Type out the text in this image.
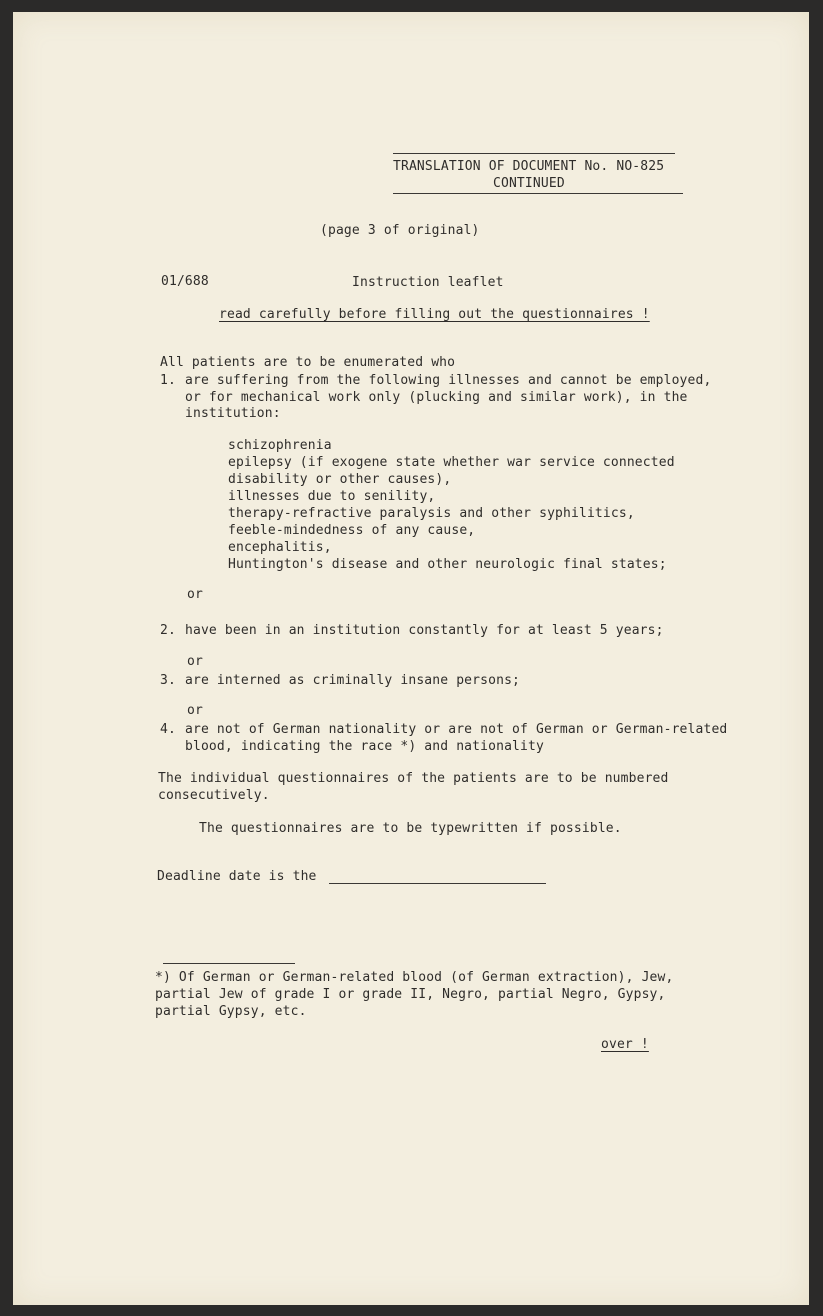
TRANSLATION OF DOCUMENT No. NO-825
CONTINUED
(page 3 of original)
01/688	Instruction leaflet
read carefully before filling out the questionnaires !
All patients are to be enumerated who
1. are suffering from the following illnesses and cannot be employed,
or for mechanical work only (plucking and similar work), in the
institution:
schizophrenia
epilepsy (if exogene state whether war service connected
disability or other causes),
illnesses due to senility,
therapy-refractive paralysis and other syphilitics,
feeble-mindedness of any cause,
encephalitis,
Huntington's disease and other neurologic final states;
or
2. have been in an institution constantly for at least 5 years;
or
3. are interned as criminally insane persons;
or
4. are not of German nationality or are not of German or German-related
blood, indicating the race *) and nationality
The individual questionnaires of the patients are to be numbered
consecutively.
The questionnaires are to be typewritten if possible.
Deadline date is the
*) Of German or German-related blood (of German extraction), Jew,
partial Jew of grade I or grade II, Negro, partial Negro, Gypsy,
partial Gypsy, etc.
over !
